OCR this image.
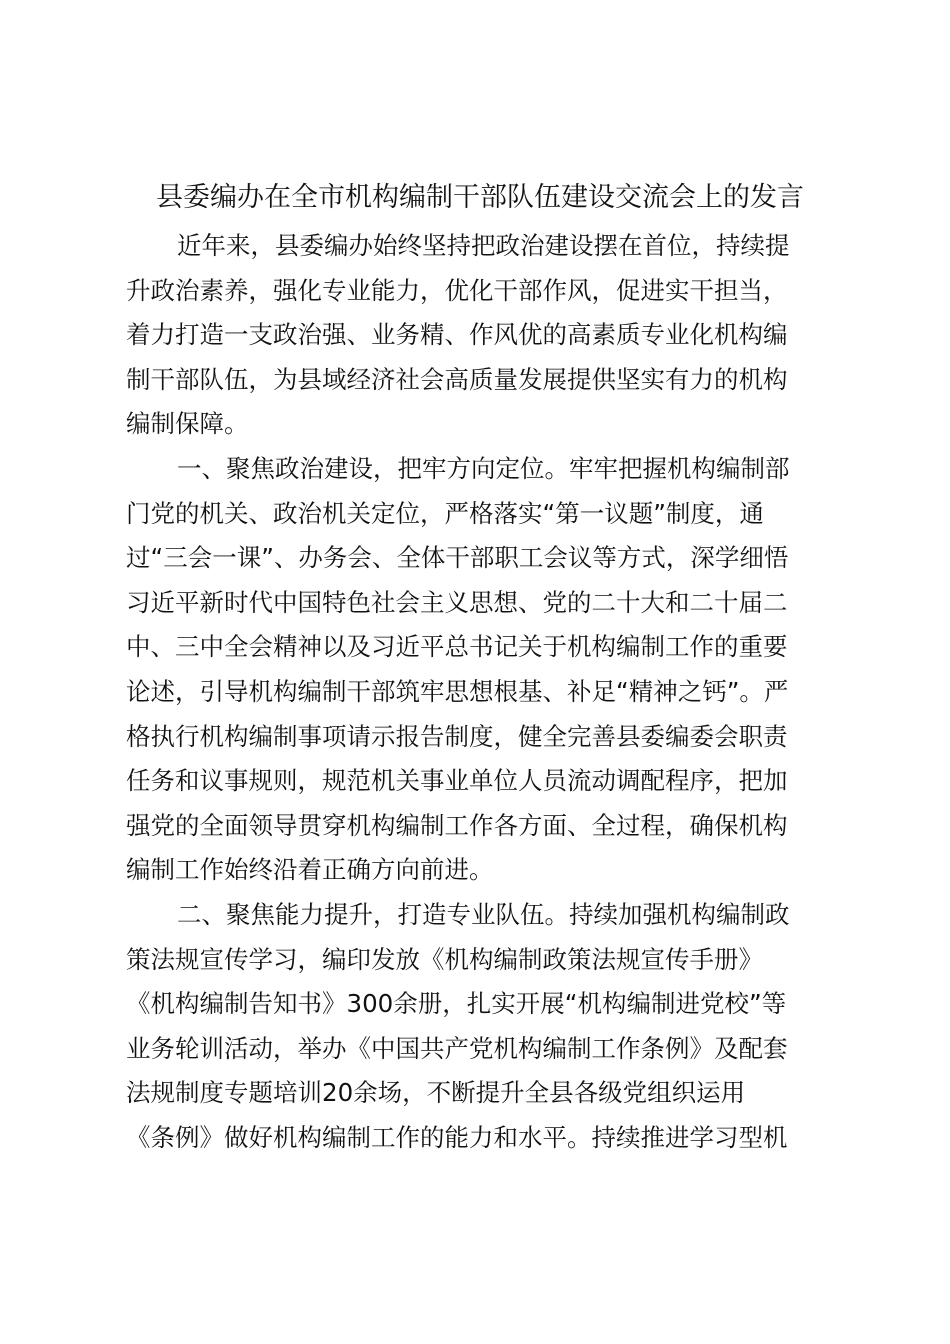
县委编办在全市机构编制干部队伍建设交流会上的发言
近年来，县委编办始终坚持把政治建设摆在首位，持续提
升政治素养，强化专业能力，优化干部作风，促进实干担当，
着力打造一支政治强、业务精、作风优的高素质专业化机构编
制干部队伍，为县域经济社会高质量发展提供坚实有力的机构
编制保障。
一、聚焦政治建设，把牢方向定位。牢牢把握机构编制部
门党的机关、政治机关定位，严格落实“第一议题”制度，通
过“三会一课”、办务会、全体干部职工会议等方式，深学细悟
习近平新时代中国特色社会主义思想、党的二十大和二十届二
中、三中全会精神以及习近平总书记关于机构编制工作的重要
论述，引导机构编制干部筑牢思想根基、补足“精神之钙”。严
格执行机构编制事项请示报告制度，健全完善县委编委会职责
任务和议事规则，规范机关事业单位人员流动调配程序，把加
强党的全面领导贯穿机构编制工作各方面、全过程，确保机构
编制工作始终沿着正确方向前进。
二、聚焦能力提升，打造专业队伍。持续加强机构编制政
策法规宣传学习，编印发放《机构编制政策法规宣传手册》
《机构编制告知书》300余册，扎实开展“机构编制进党校”等
业务轮训活动，举办《中国共产党机构编制工作条例》及配套
法规制度专题培训20余场，不断提升全县各级党组织运用
《条例》做好机构编制工作的能力和水平。持续推进学习型机
